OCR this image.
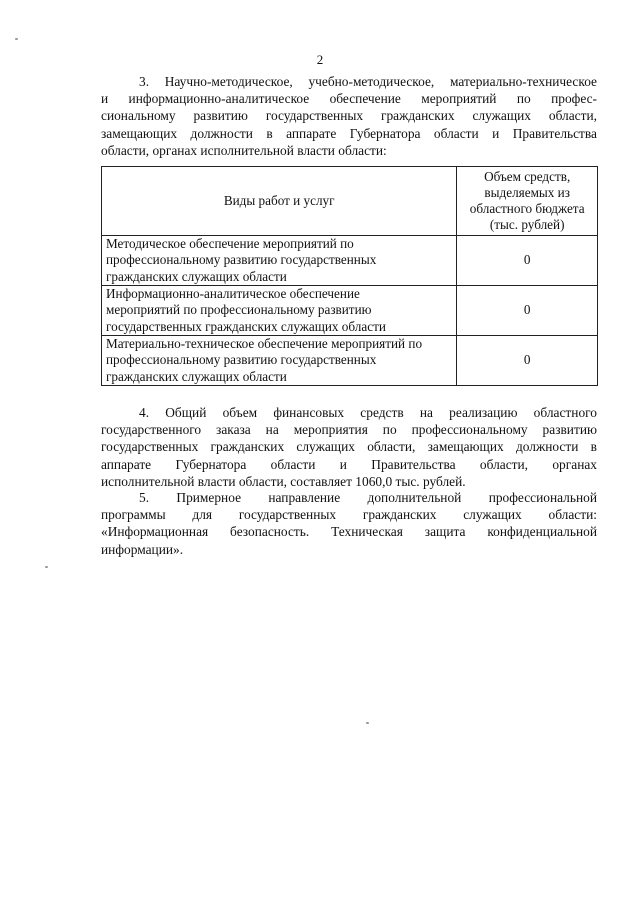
2
3. Научно-методическое, учебно-методическое, материально-техническое
и информационно-аналитическое обеспечение мероприятий по профес-
сиональному развитию государственных гражданских служащих области,
замещающих должности в аппарате Губернатора области и Правительства
области, органах исполнительной власти области:
Виды работ и услуг	Объем средств,
выделяемых из
областного бюджета
(тыс. рублей)

Методическое обеспечение мероприятий по
профессиональному развитию государственных
гражданских служащих области	0

Информационно-аналитическое обеспечение
мероприятий по профессиональному развитию
государственных гражданских служащих области	0

Материально-техническое обеспечение мероприятий по
профессиональному развитию государственных
гражданских служащих области	0
4. Общий объем финансовых средств на реализацию областного
государственного заказа на мероприятия по профессиональному развитию
государственных гражданских служащих области, замещающих должности в
аппарате Губернатора области и Правительства области, органах
исполнительной власти области, составляет 1060,0 тыс. рублей.
5. Примерное направление дополнительной профессиональной
программы для государственных гражданских служащих области:
«Информационная безопасность. Техническая защита конфиденциальной
информации».
